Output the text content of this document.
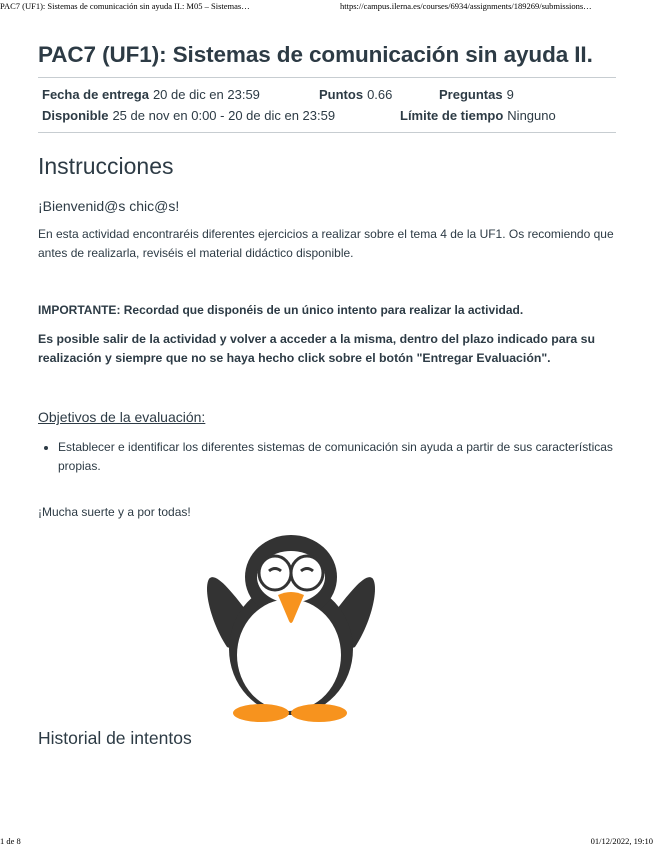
PAC7 (UF1): Sistemas de comunicación sin ayuda II.: M05 – Sistemas…	https://campus.ilerna.es/courses/6934/assignments/189269/submissions…
PAC7 (UF1): Sistemas de comunicación sin ayuda II.
Fecha de entrega 20 de dic en 23:59	Puntos 0.66	Preguntas 9
Disponible 25 de nov en 0:00 - 20 de dic en 23:59	Límite de tiempo Ninguno
Instrucciones
¡Bienvenid@s chic@s!
En esta actividad encontraréis diferentes ejercicios a realizar sobre el tema 4 de la UF1. Os recomiendo que antes de realizarla, reviséis el material didáctico disponible.
IMPORTANTE: Recordad que disponéis de un único intento para realizar la actividad.
Es posible salir de la actividad y volver a acceder a la misma, dentro del plazo indicado para su realización y siempre que no se haya hecho click sobre el botón "Entregar Evaluación".
Objetivos de la evaluación:
• Establecer e identificar los diferentes sistemas de comunicación sin ayuda a partir de sus características propias.
¡Mucha suerte y a por todas!
Historial de intentos
1 de 8	01/12/2022, 19:10
